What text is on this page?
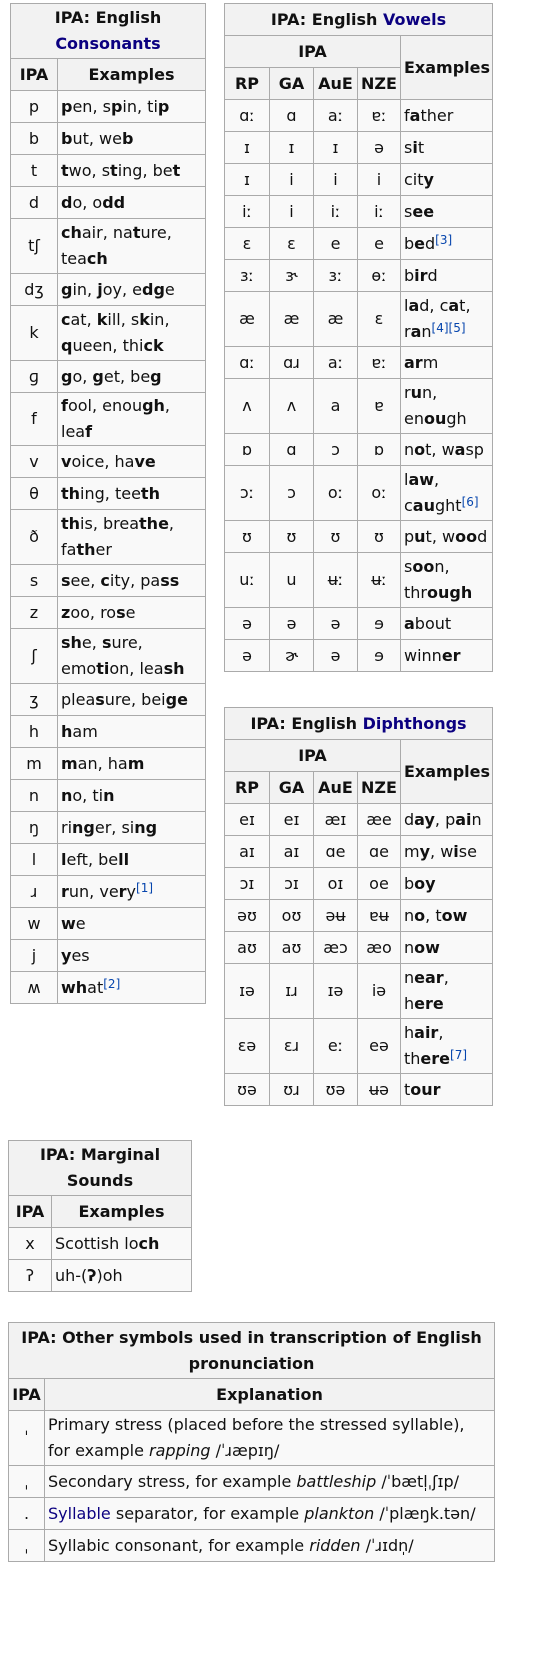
IPA: English Consonants	
IPA	Examples
p	pen, spin, tip
b	but, web
t	two, sting, bet
d	do, odd
tʃ	chair, nature, teach
dʒ	gin, joy, edge
k	cat, kill, skin, queen, thick
ɡ	go, get, beg
f	fool, enough, leaf
v	voice, have
θ	thing, teeth
ð	this, breathe, father
s	see, city, pass
z	zoo, rose
ʃ	she, sure, emotion, leash
ʒ	pleasure, beige
h	ham
m	man, ham
n	no, tin
ŋ	ringer, sing
l	left, bell
ɹ	run, very[1]
w	we
j	yes
ʍ	what[2]
IPA: English Vowels				
IPA				Examples
RP	GA	AuE	NZE	
ɑː	ɑ	aː	ɐː	father
ɪ	ɪ	ɪ	ə	sit
ɪ	i	i	i	city
iː	i	iː	iː	see
ɛ	ɛ	e	e	bed[3]
ɜː	ɝ	ɜː	ɵː	bird
æ	æ	æ	ɛ	lad, cat, ran[4][5]
ɑː	ɑɹ	aː	ɐː	arm
ʌ	ʌ	a	ɐ	run, enough
ɒ	ɑ	ɔ	ɒ	not, wasp
ɔː	ɔ	oː	oː	law, caught[6]
ʊ	ʊ	ʊ	ʊ	put, wood
uː	u	ʉː	ʉː	soon, through
ə	ə	ə	ɘ	about
ə	ɚ	ə	ɘ	winner
IPA: English Diphthongs				
IPA				Examples
RP	GA	AuE	NZE	
eɪ	eɪ	æɪ	æe	day, pain
aɪ	aɪ	ɑe	ɑe	my, wise
ɔɪ	ɔɪ	oɪ	oe	boy
əʊ	oʊ	əʉ	ɐʉ	no, tow
aʊ	aʊ	æɔ	æo	now
ɪə	ɪɹ	ɪə	iə	near, here
ɛə	ɛɹ	eː	eə	hair, there[7]
ʊə	ʊɹ	ʊə	ʉə	tour
IPA: Marginal Sounds	
IPA	Examples
x	Scottish loch
ʔ	uh-(ʔ)oh
IPA: Other symbols used in transcription of English pronunciation	
IPA	Explanation
ˈ	Primary stress (placed before the stressed syllable), for example rapping /ˈɹæpɪŋ/
ˌ	Secondary stress, for example battleship /ˈbætl̩ˌʃɪp/
.	Syllable separator, for example plankton /ˈplæŋk.tən/
ˌ	Syllabic consonant, for example ridden /ˈɹɪdn̩/
